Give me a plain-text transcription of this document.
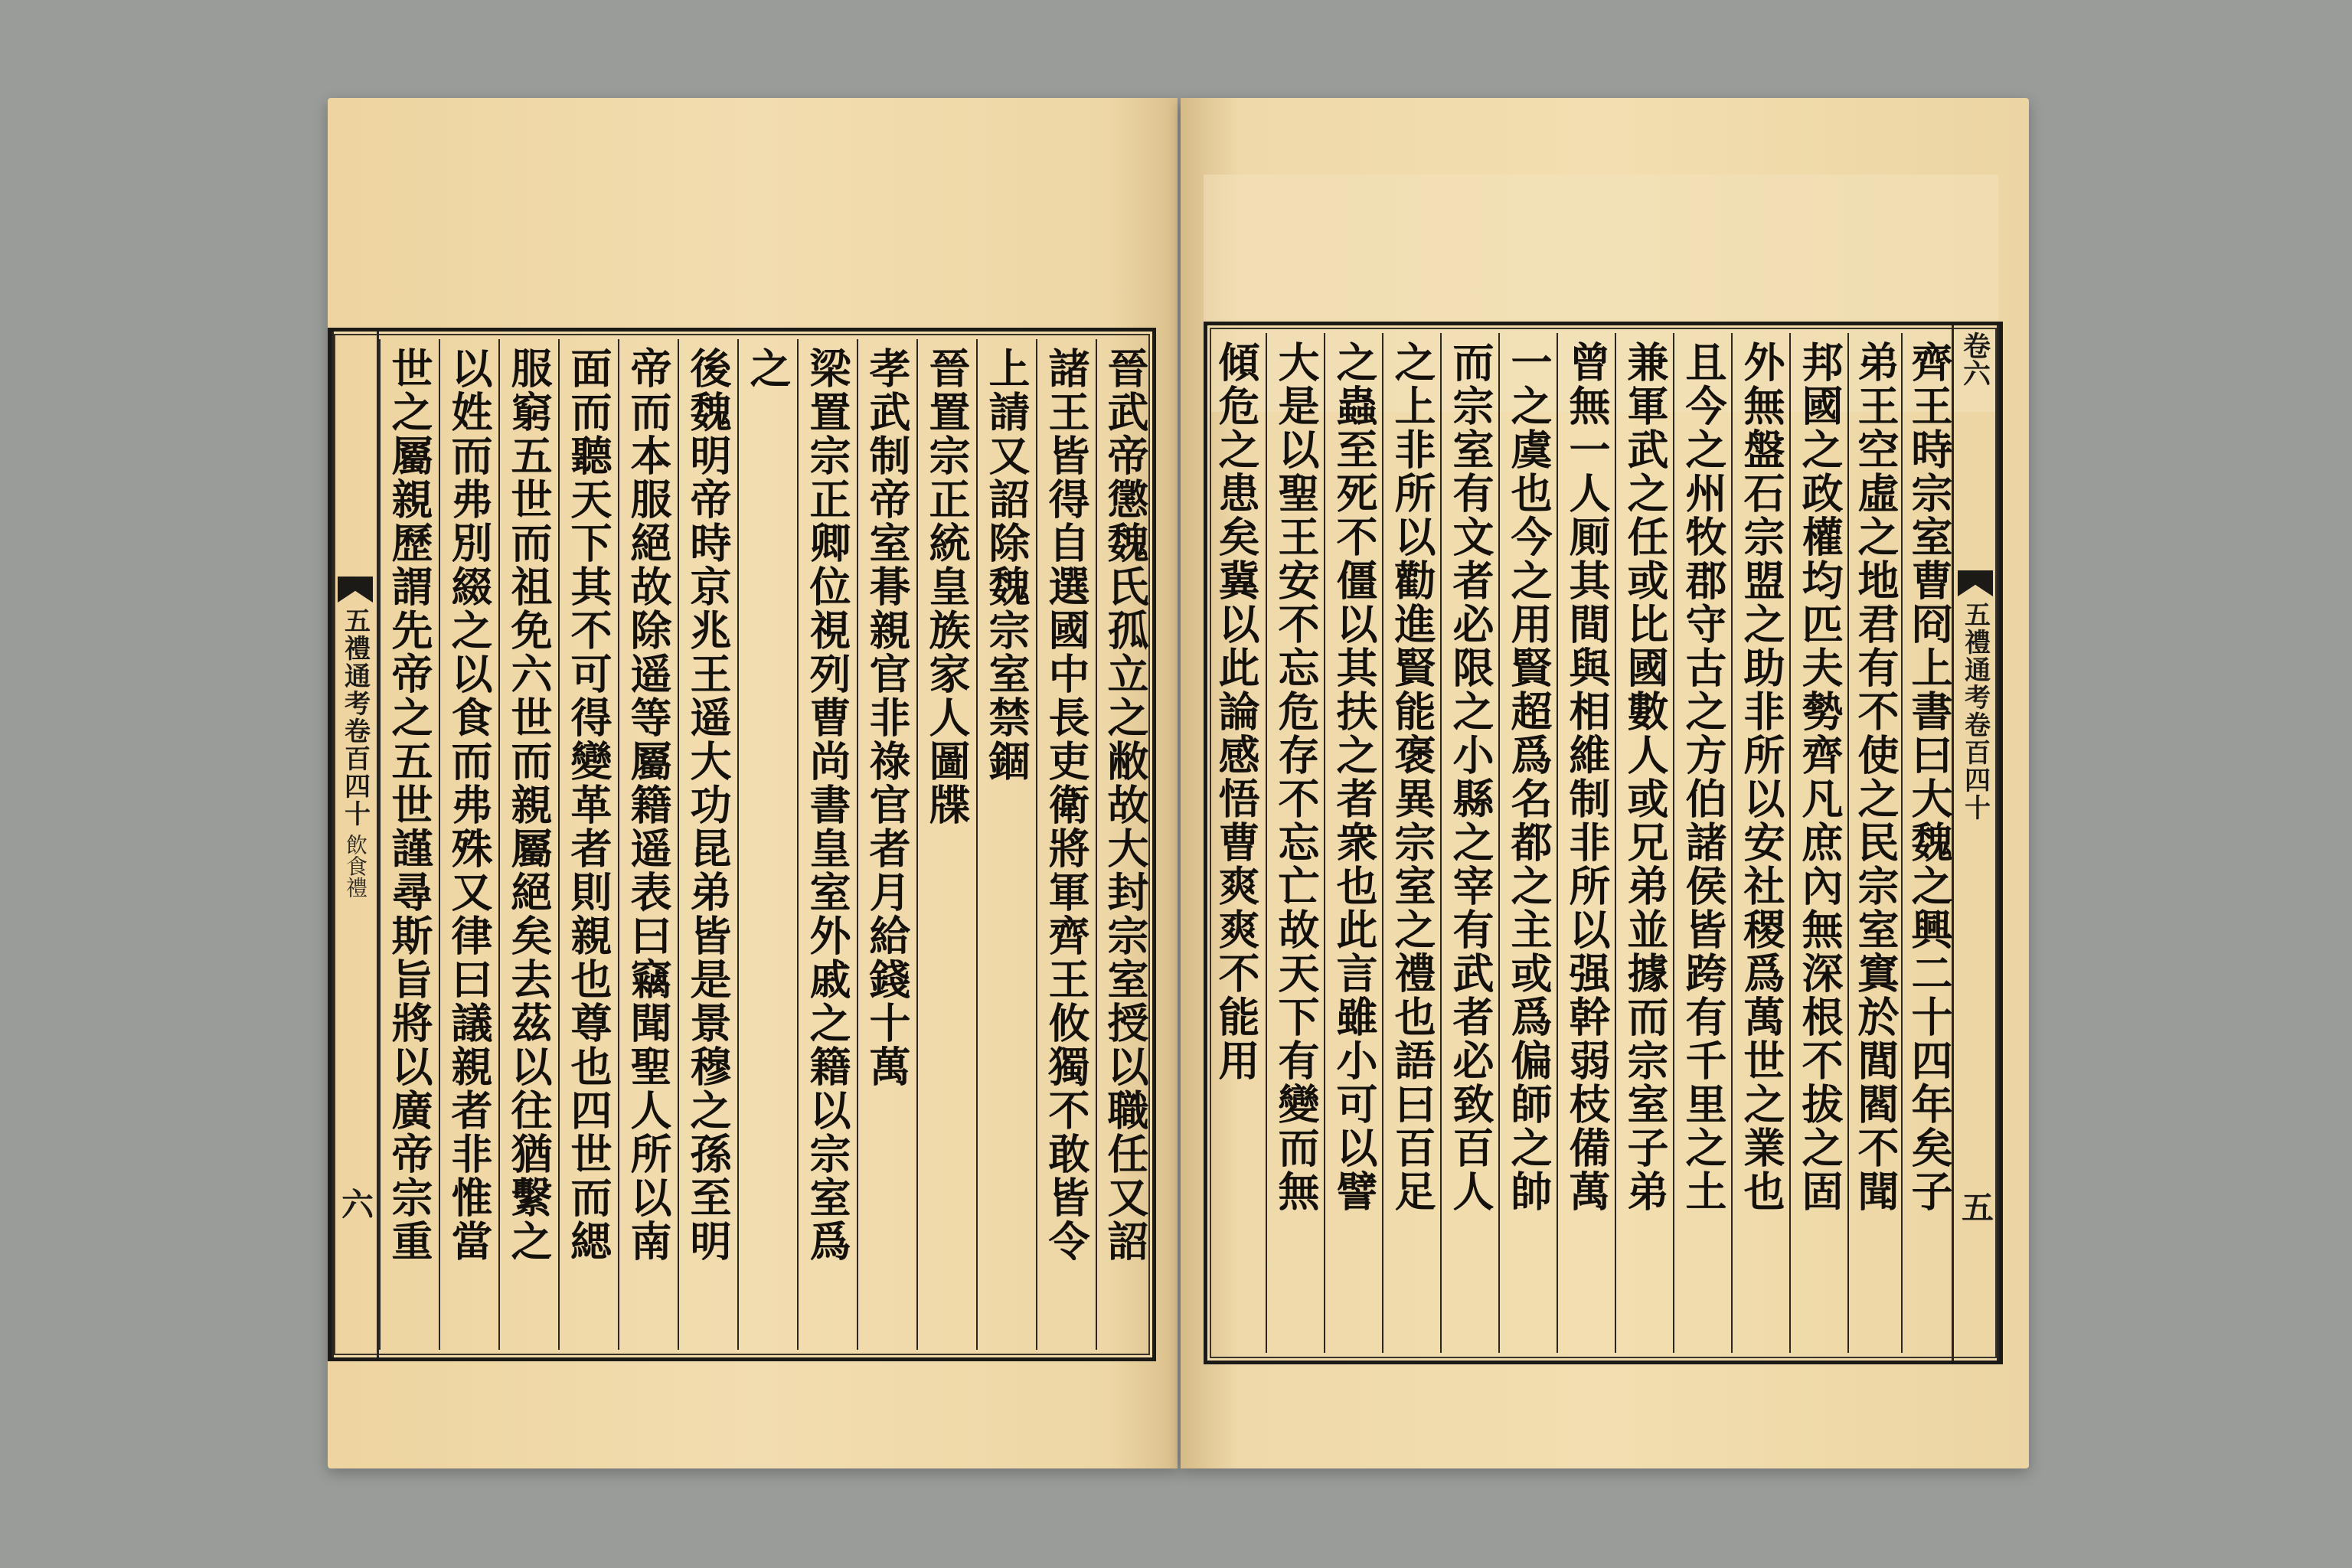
五禮通考卷百四十
飲食禮
六 世之屬親歷謂先帝之五世謹尋斯旨將以廣帝宗重 以姓而弗別綴之以食而弗殊又律曰議親者非惟當 服窮五世而祖免六世而親屬絕矣去茲以往猶繫之 面而聽天下其不可得變革者則親也尊也四世而緦 帝而本服絕故除遥等屬籍遥表曰竊聞聖人所以南 後魏明帝時京兆王遥大功昆弟皆是景穆之孫至明 之 梁置宗正卿位視列曹尚書皇室外戚之籍以宗室爲 孝武制帝室朞親官非祿官者月給錢十萬 晉置宗正統皇族家人圖牒 上請又詔除魏宗室禁錮 諸王皆得自選國中長吏衛將軍齊王攸獨不敢皆令 晉武帝懲魏氏孤立之敝故大封宗室授以職任又詔 傾危之患矣冀以此論感悟曹爽爽不能用 大是以聖王安不忘危存不忘亡故天下有變而無 之蟲至死不僵以其扶之者衆也此言雖小可以譬 之上非所以勸進賢能褒異宗室之禮也語曰百足 而宗室有文者必限之小縣之宰有武者必致百人 一之虞也今之用賢超爲名都之主或爲偏師之帥 曾無一人厠其間與相維制非所以强幹弱枝備萬 兼軍武之任或比國數人或兄弟並據而宗室子弟 且今之州牧郡守古之方伯諸侯皆跨有千里之土 外無盤石宗盟之助非所以安社稷爲萬世之業也 邦國之政權均匹夫勢齊凡庶內無深根不拔之固 弟王空虛之地君有不使之民宗室窴於閭閻不聞 齊王時宗室曹冏上書曰大魏之興二十四年矣子 卷六
五禮通考卷百四十
五
